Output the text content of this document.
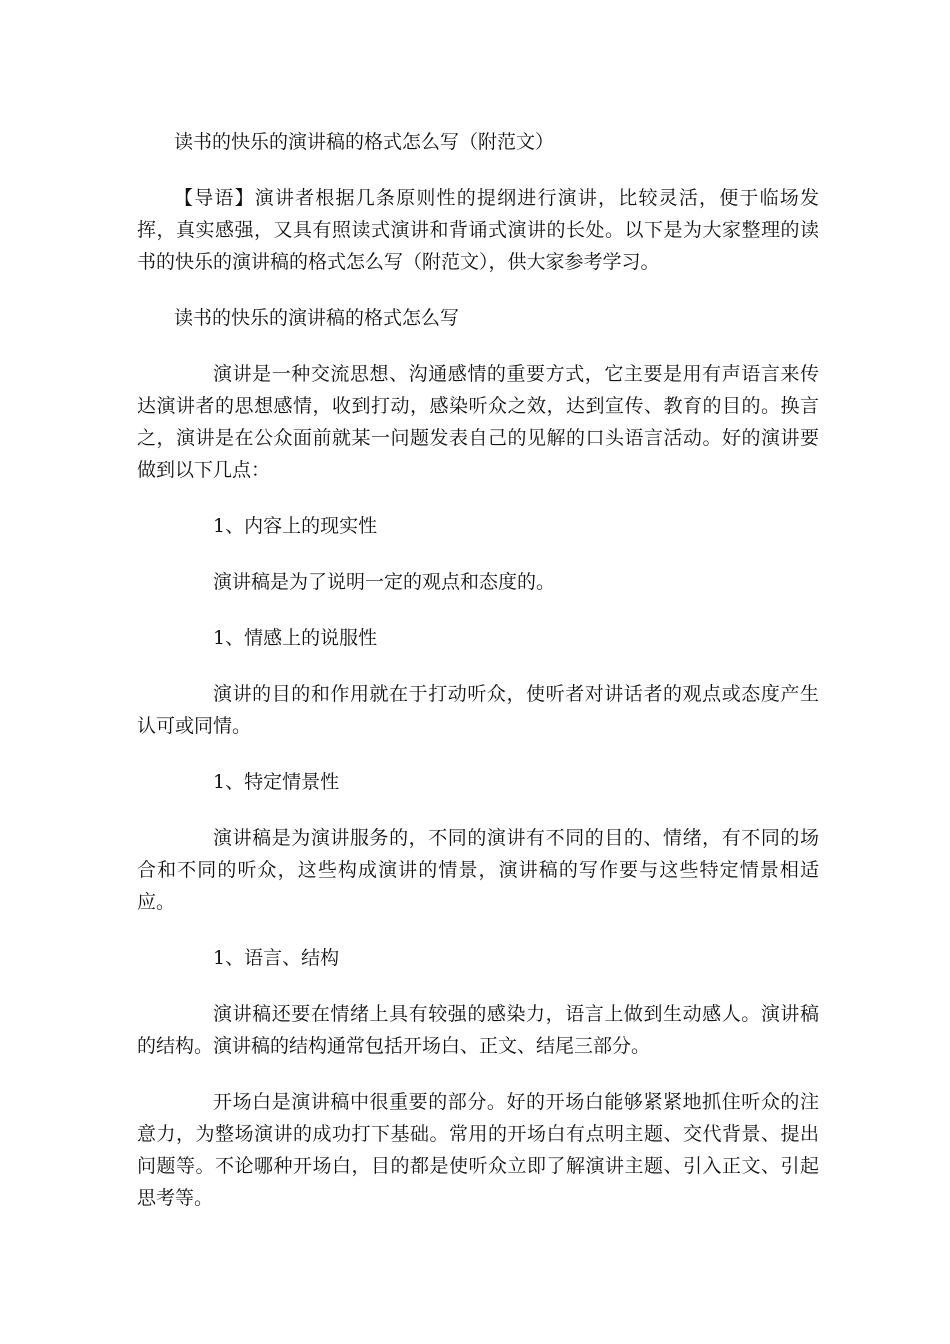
读书的快乐的演讲稿的格式怎么写（附范文）

【导语】演讲者根据几条原则性的提纲进行演讲，比较灵活，便于临场发挥，真实感强，又具有照读式演讲和背诵式演讲的长处。以下是为大家整理的读书的快乐的演讲稿的格式怎么写（附范文），供大家参考学习。

读书的快乐的演讲稿的格式怎么写

演讲是一种交流思想、沟通感情的重要方式，它主要是用有声语言来传达演讲者的思想感情，收到打动，感染听众之效，达到宣传、教育的目的。换言之，演讲是在公众面前就某一问题发表自己的见解的口头语言活动。好的演讲要做到以下几点：

1、内容上的现实性

演讲稿是为了说明一定的观点和态度的。

1、情感上的说服性

演讲的目的和作用就在于打动听众，使听者对讲话者的观点或态度产生认可或同情。

1、特定情景性

演讲稿是为演讲服务的，不同的演讲有不同的目的、情绪，有不同的场合和不同的听众，这些构成演讲的情景，演讲稿的写作要与这些特定情景相适应。

1、语言、结构

演讲稿还要在情绪上具有较强的感染力，语言上做到生动感人。演讲稿的结构。演讲稿的结构通常包括开场白、正文、结尾三部分。

开场白是演讲稿中很重要的部分。好的开场白能够紧紧地抓住听众的注意力，为整场演讲的成功打下基础。常用的开场白有点明主题、交代背景、提出问题等。不论哪种开场白，目的都是使听众立即了解演讲主题、引入正文、引起思考等。
